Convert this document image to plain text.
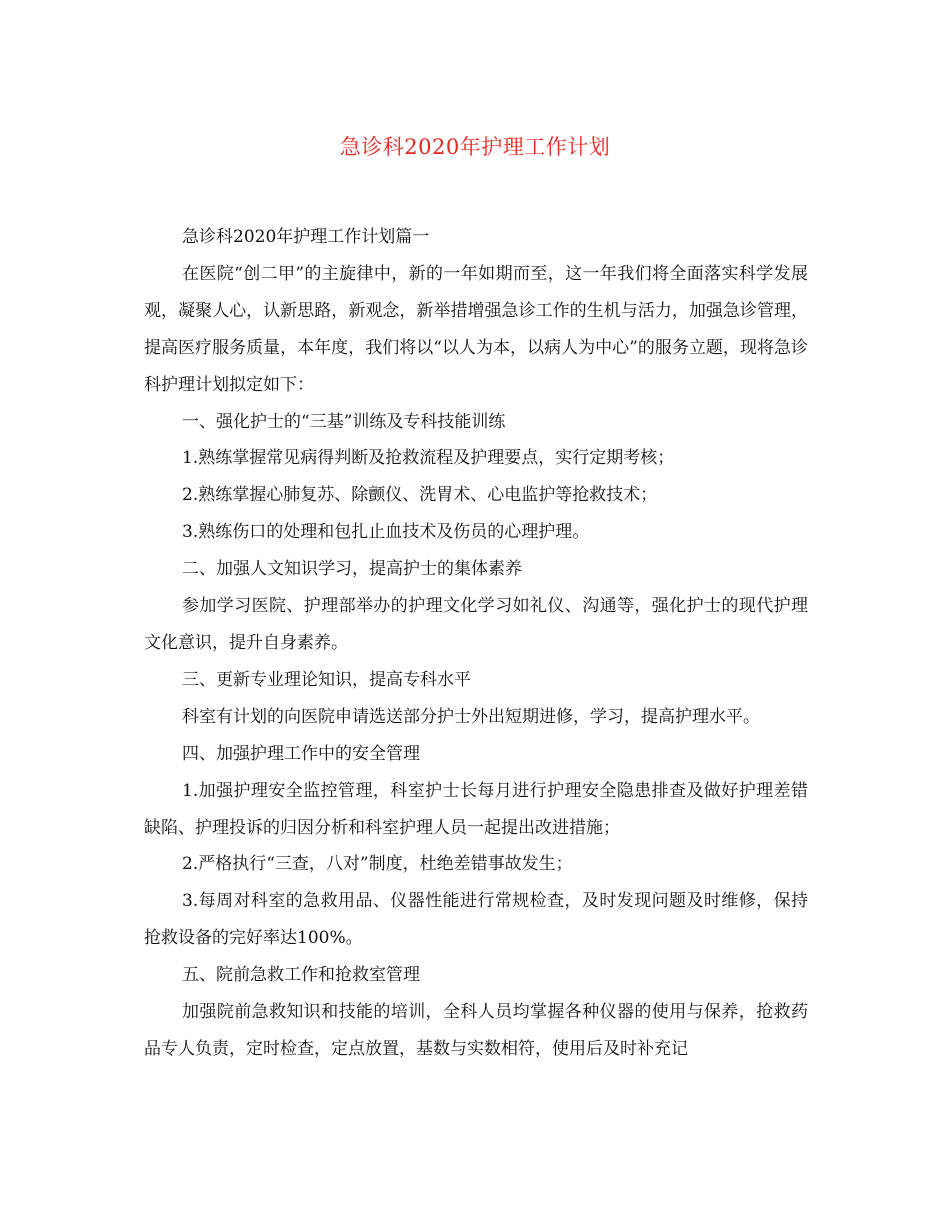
急诊科2020年护理工作计划

急诊科2020年护理工作计划篇一

在医院“创二甲”的主旋律中，新的一年如期而至，这一年我们将全面落实科学发展观，凝聚人心，认新思路，新观念，新举措增强急诊工作的生机与活力，加强急诊管理，提高医疗服务质量，本年度，我们将以“以人为本，以病人为中心”的服务立题，现将急诊科护理计划拟定如下：

一、强化护士的“三基”训练及专科技能训练

1.熟练掌握常见病得判断及抢救流程及护理要点，实行定期考核；

2.熟练掌握心肺复苏、除颤仪、洗胃术、心电监护等抢救技术；

3.熟练伤口的处理和包扎止血技术及伤员的心理护理。

二、加强人文知识学习，提高护士的集体素养

参加学习医院、护理部举办的护理文化学习如礼仪、沟通等，强化护士的现代护理文化意识，提升自身素养。

三、更新专业理论知识，提高专科水平

科室有计划的向医院申请选送部分护士外出短期进修，学习，提高护理水平。

四、加强护理工作中的安全管理

1.加强护理安全监控管理，科室护士长每月进行护理安全隐患排查及做好护理差错缺陷、护理投诉的归因分析和科室护理人员一起提出改进措施；

2.严格执行“三查，八对”制度，杜绝差错事故发生；

3.每周对科室的急救用品、仪器性能进行常规检查，及时发现问题及时维修，保持抢救设备的完好率达100%。

五、院前急救工作和抢救室管理

加强院前急救知识和技能的培训，全科人员均掌握各种仪器的使用与保养，抢救药品专人负责，定时检查，定点放置，基数与实数相符，使用后及时补充记
